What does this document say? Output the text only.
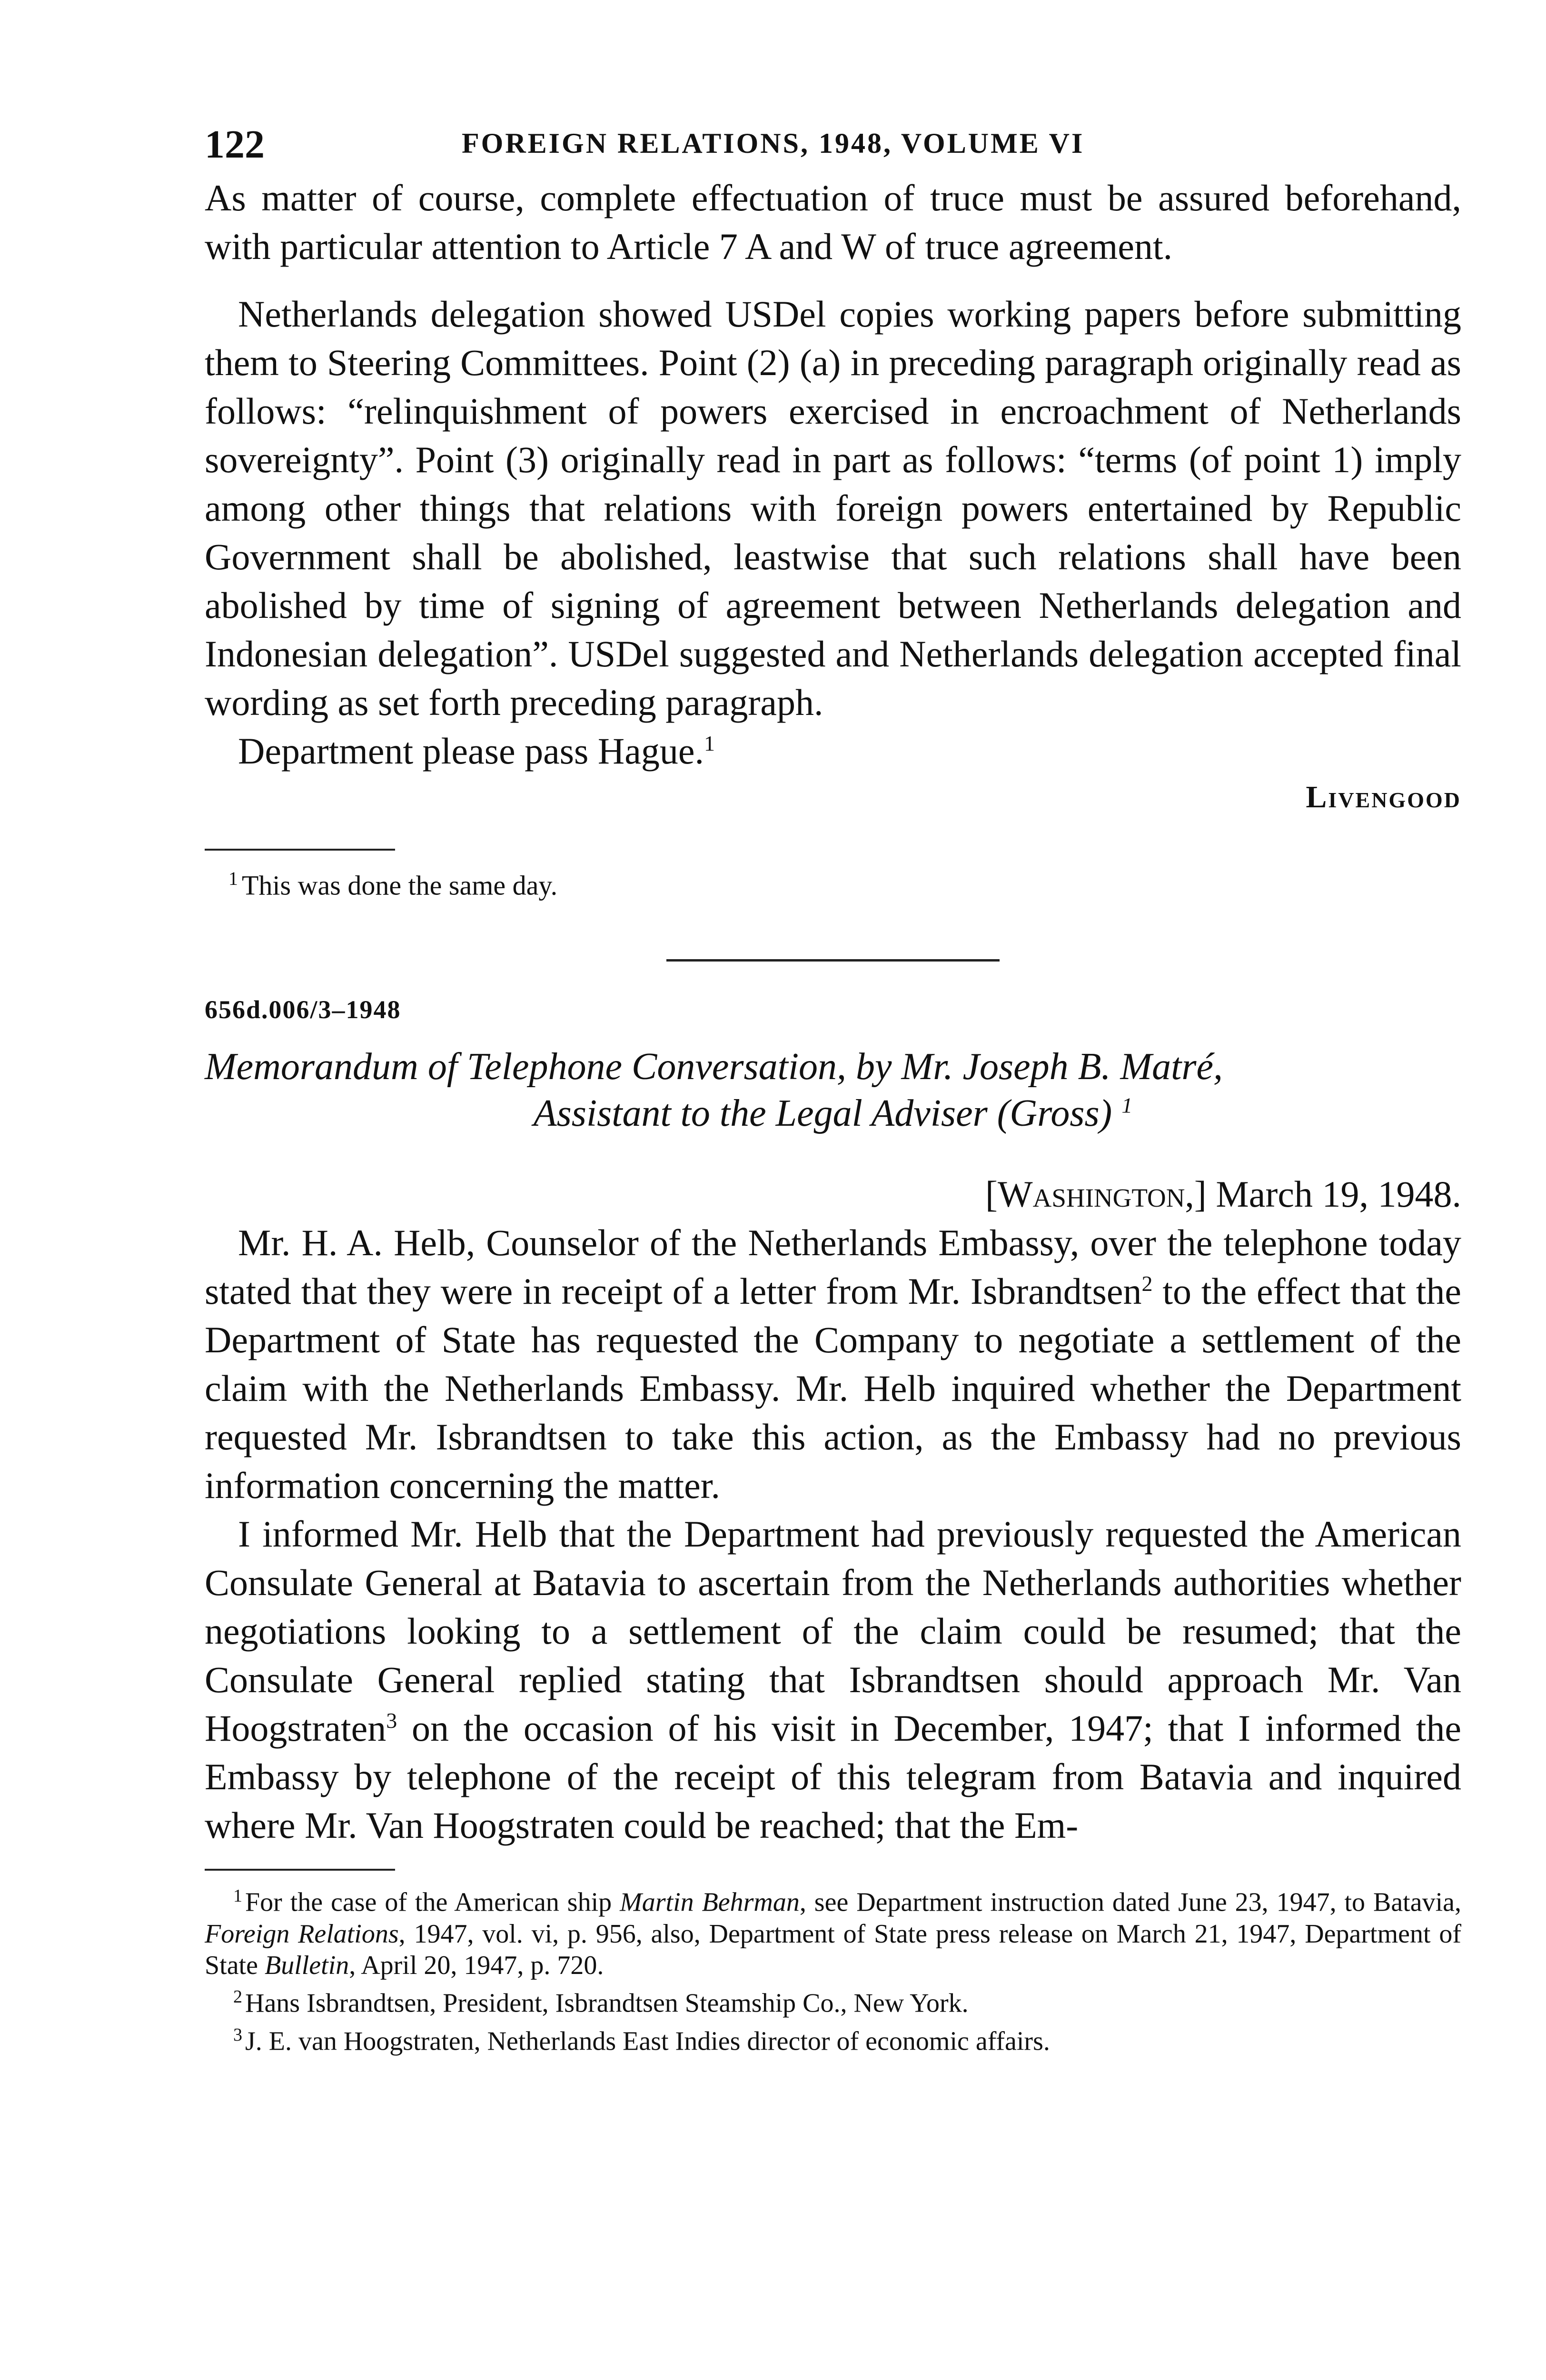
122	FOREIGN RELATIONS, 1948, VOLUME VI

As matter of course, complete effectuation of truce must be assured beforehand, with particular attention to Article 7 A and W of truce agreement.

Netherlands delegation showed USDel copies working papers before submitting them to Steering Committees. Point (2) (a) in preceding paragraph originally read as follows: “relinquishment of powers exercised in encroachment of Netherlands sovereignty”. Point (3) originally read in part as follows: “terms (of point 1) imply among other things that relations with foreign powers entertained by Republic Government shall be abolished, leastwise that such relations shall have been abolished by time of signing of agreement between Netherlands delegation and Indonesian delegation”. USDel suggested and Netherlands delegation accepted final wording as set forth preceding paragraph.

Department please pass Hague.$^1$

Livengood

$^1$ This was done the same day.

656d.006/3–1948

Memorandum of Telephone Conversation, by Mr. Joseph B. Matré,

Assistant to the Legal Adviser (Gross) $^1$

[Washington,] March 19, 1948.

Mr. H. A. Helb, Counselor of the Netherlands Embassy, over the telephone today stated that they were in receipt of a letter from Mr. Isbrandtsen$^2$ to the effect that the Department of State has requested the Company to negotiate a settlement of the claim with the Netherlands Embassy. Mr. Helb inquired whether the Department requested Mr. Isbrandtsen to take this action, as the Embassy had no previous information concerning the matter.

I informed Mr. Helb that the Department had previously requested the American Consulate General at Batavia to ascertain from the Netherlands authorities whether negotiations looking to a settlement of the claim could be resumed; that the Consulate General replied stating that Isbrandtsen should approach Mr. Van Hoogstraten$^3$ on the occasion of his visit in December, 1947; that I informed the Embassy by telephone of the receipt of this telegram from Batavia and inquired where Mr. Van Hoogstraten could be reached; that the Em-

$^1$ For the case of the American ship Martin Behrman, see Department instruction dated June 23, 1947, to Batavia, Foreign Relations, 1947, vol. vi, p. 956, also, Department of State press release on March 21, 1947, Department of State Bulletin, April 20, 1947, p. 720.

$^2$ Hans Isbrandtsen, President, Isbrandtsen Steamship Co., New York.

$^3$ J. E. van Hoogstraten, Netherlands East Indies director of economic affairs.
